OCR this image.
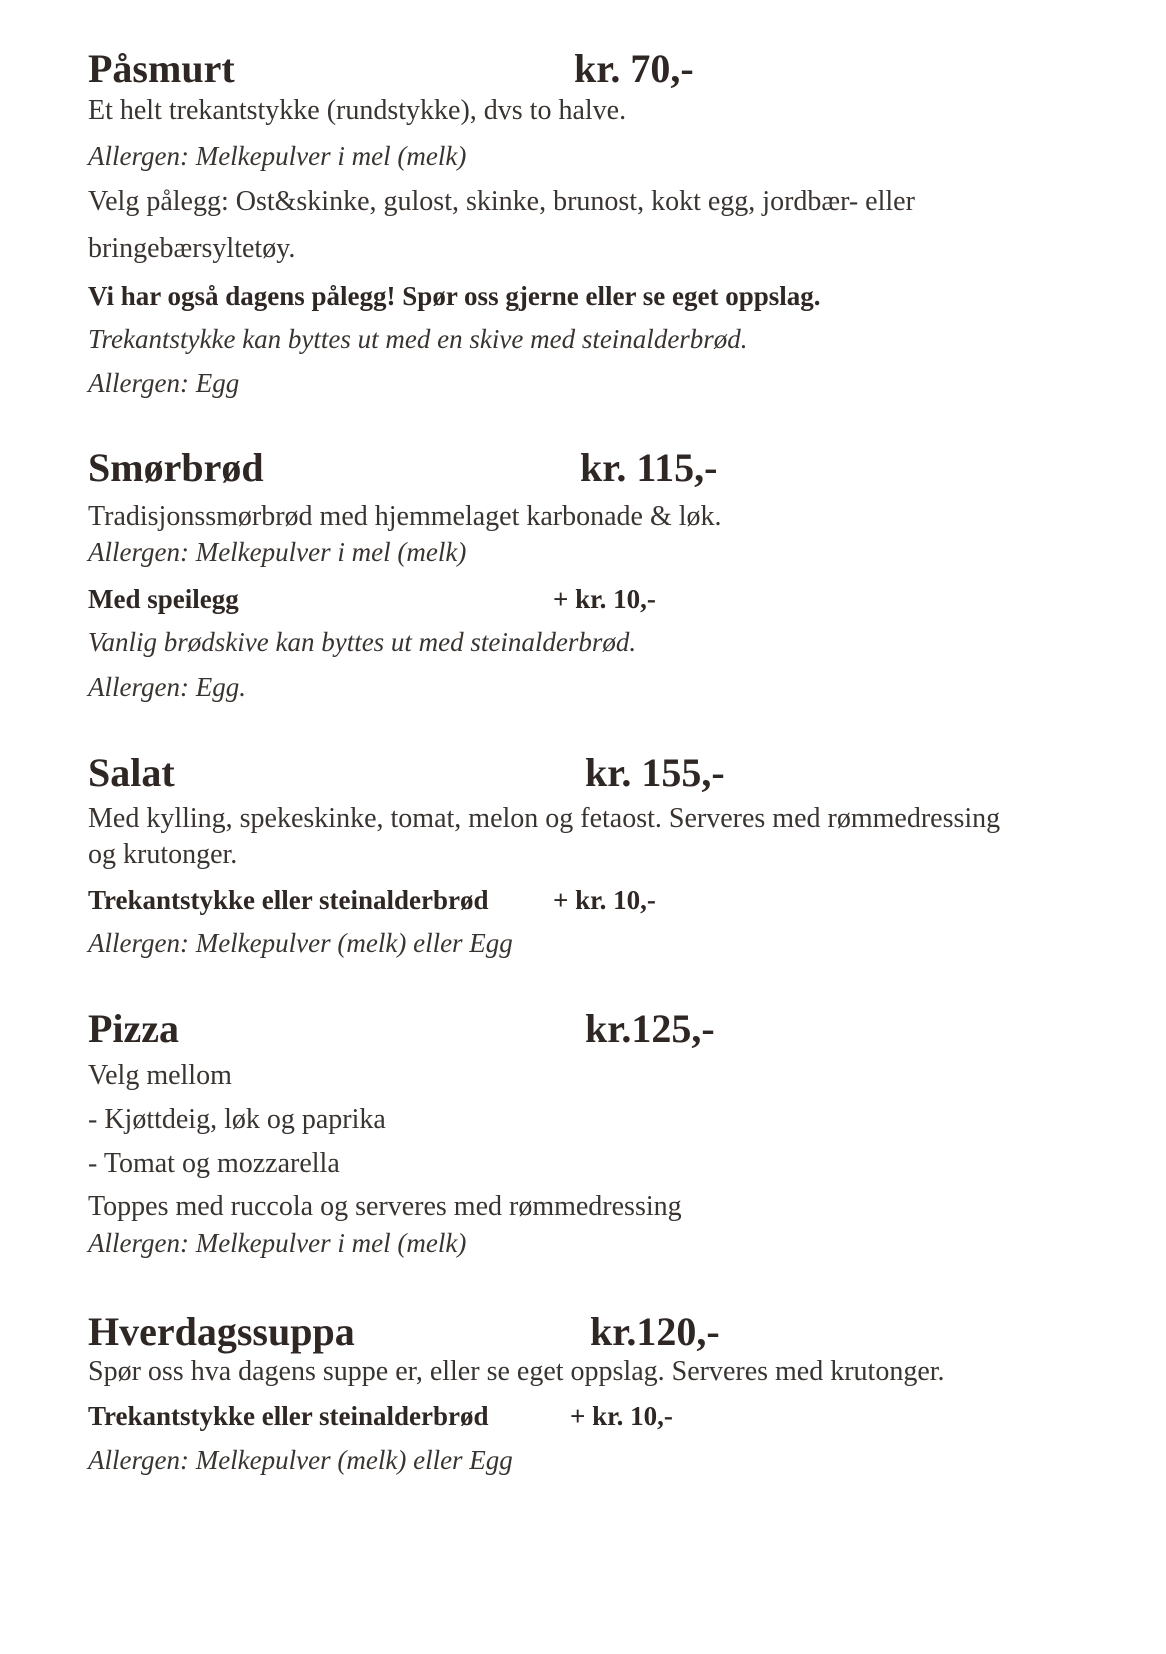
Påsmurt	kr. 70,-
Et helt trekantstykke (rundstykke), dvs to halve.
Allergen: Melkepulver i mel (melk)
Velg pålegg: Ost&skinke, gulost, skinke, brunost, kokt egg, jordbær- eller
bringebærsyltetøy.
Vi har også dagens pålegg! Spør oss gjerne eller se eget oppslag.
Trekantstykke kan byttes ut med en skive med steinalderbrød.
Allergen: Egg
Smørbrød	kr. 115,-
Tradisjonssmørbrød med hjemmelaget karbonade & løk.
Allergen: Melkepulver i mel (melk)
Med speilegg	+ kr. 10,-
Vanlig brødskive kan byttes ut med steinalderbrød.
Allergen: Egg.
Salat	kr. 155,-
Med kylling, spekeskinke, tomat, melon og fetaost. Serveres med rømmedressing
og krutonger.
Trekantstykke eller steinalderbrød + kr. 10,-
Allergen: Melkepulver (melk) eller Egg
Pizza	kr.125,-
Velg mellom
- Kjøttdeig, løk og paprika
- Tomat og mozzarella
Toppes med ruccola og serveres med rømmedressing
Allergen: Melkepulver i mel (melk)
Hverdagssuppa	kr.120,-
Spør oss hva dagens suppe er, eller se eget oppslag. Serveres med krutonger.
Trekantstykke eller steinalderbrød	+ kr. 10,-
Allergen: Melkepulver (melk) eller Egg
